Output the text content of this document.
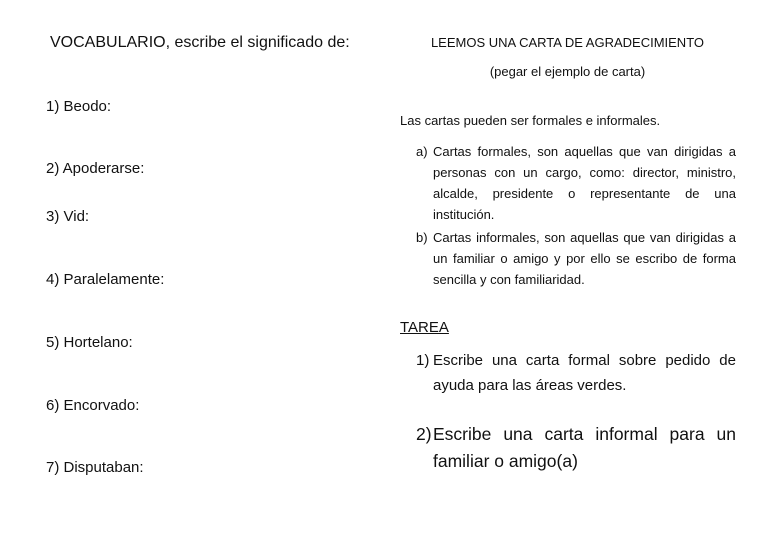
VOCABULARIO, escribe el significado de:
1) Beodo:
2) Apoderarse:
3) Vid:
4) Paralelamente:
5) Hortelano:
6) Encorvado:
7) Disputaban:
LEEMOS UNA CARTA DE AGRADECIMIENTO
(pegar el ejemplo de carta)
Las cartas pueden ser formales e informales.
a) Cartas formales, son aquellas que van dirigidas a personas con un cargo, como: director, ministro, alcalde, presidente o representante de una institución.
b) Cartas informales, son aquellas que van dirigidas a un familiar o amigo y por ello se escribo de forma sencilla y con familiaridad.
TAREA
1) Escribe una carta formal sobre pedido de ayuda para las áreas verdes.
2) Escribe una carta informal para un familiar o amigo(a)
